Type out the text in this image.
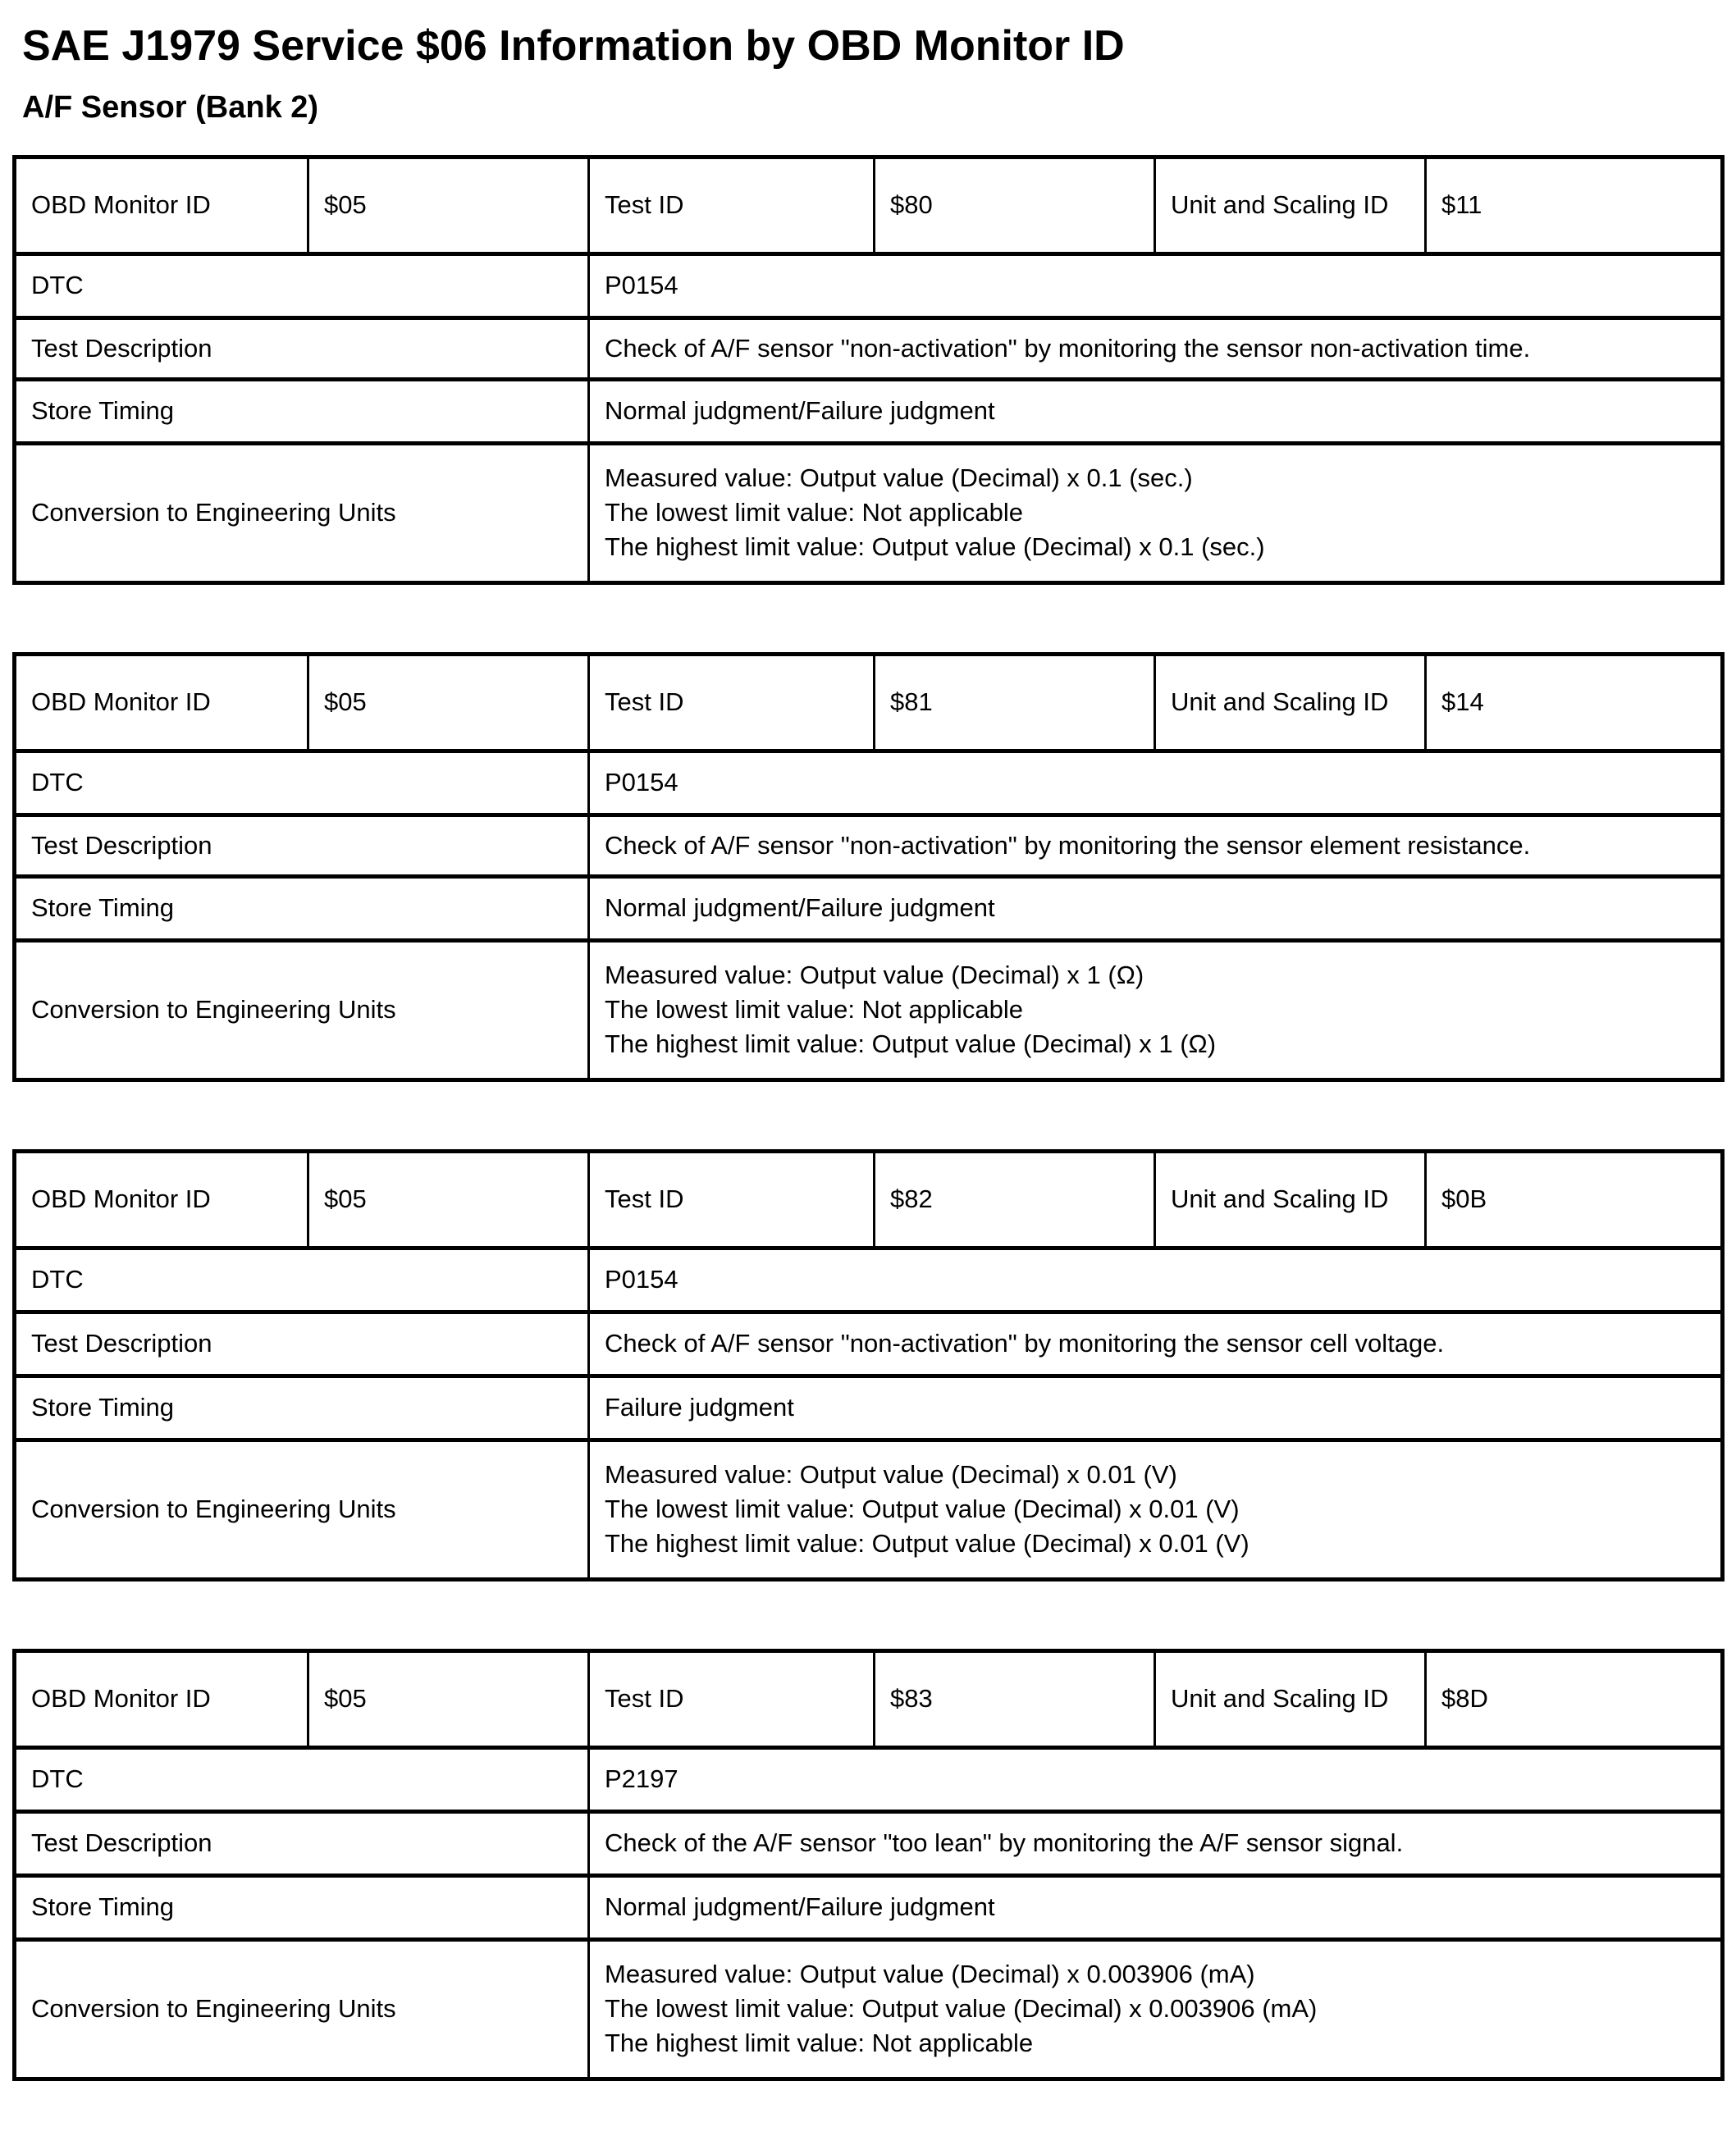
SAE J1979 Service $06 Information by OBD Monitor ID
A/F Sensor (Bank 2)
OBD Monitor ID	$05	Test ID	$80	Unit and Scaling ID	$11
DTC		P0154			
Test Description		Check of A/F sensor "non-activation" by monitoring the sensor non-activation time.			

Store Timing		Normal judgment/Failure judgment			
Conversion to Engineering Units		Measured value: Output value (Decimal) x 0.1 (sec.)
The lowest limit value: Not applicable
The highest limit value: Output value (Decimal) x 0.1 (sec.)			
OBD Monitor ID	$05	Test ID	$81	Unit and Scaling ID	$14
DTC		P0154			
Test Description		Check of A/F sensor "non-activation" by monitoring the sensor element resistance.			

Store Timing		Normal judgment/Failure judgment			
Conversion to Engineering Units		Measured value: Output value (Decimal) x 1 (Ω)
The lowest limit value: Not applicable
The highest limit value: Output value (Decimal) x 1 (Ω)			
OBD Monitor ID	$05	Test ID	$82	Unit and Scaling ID	$0B
DTC		P0154			
Test Description		Check of A/F sensor "non-activation" by monitoring the sensor cell voltage.			

Store Timing		Failure judgment			
Conversion to Engineering Units		Measured value: Output value (Decimal) x 0.01 (V)
The lowest limit value: Output value (Decimal) x 0.01 (V)
The highest limit value: Output value (Decimal) x 0.01 (V)			
OBD Monitor ID	$05	Test ID	$83	Unit and Scaling ID	$8D
DTC		P2197			
Test Description		Check of the A/F sensor "too lean" by monitoring the A/F sensor signal.			

Store Timing		Normal judgment/Failure judgment			
Conversion to Engineering Units		Measured value: Output value (Decimal) x 0.003906 (mA)
The lowest limit value: Output value (Decimal) x 0.003906 (mA)
The highest limit value: Not applicable			
